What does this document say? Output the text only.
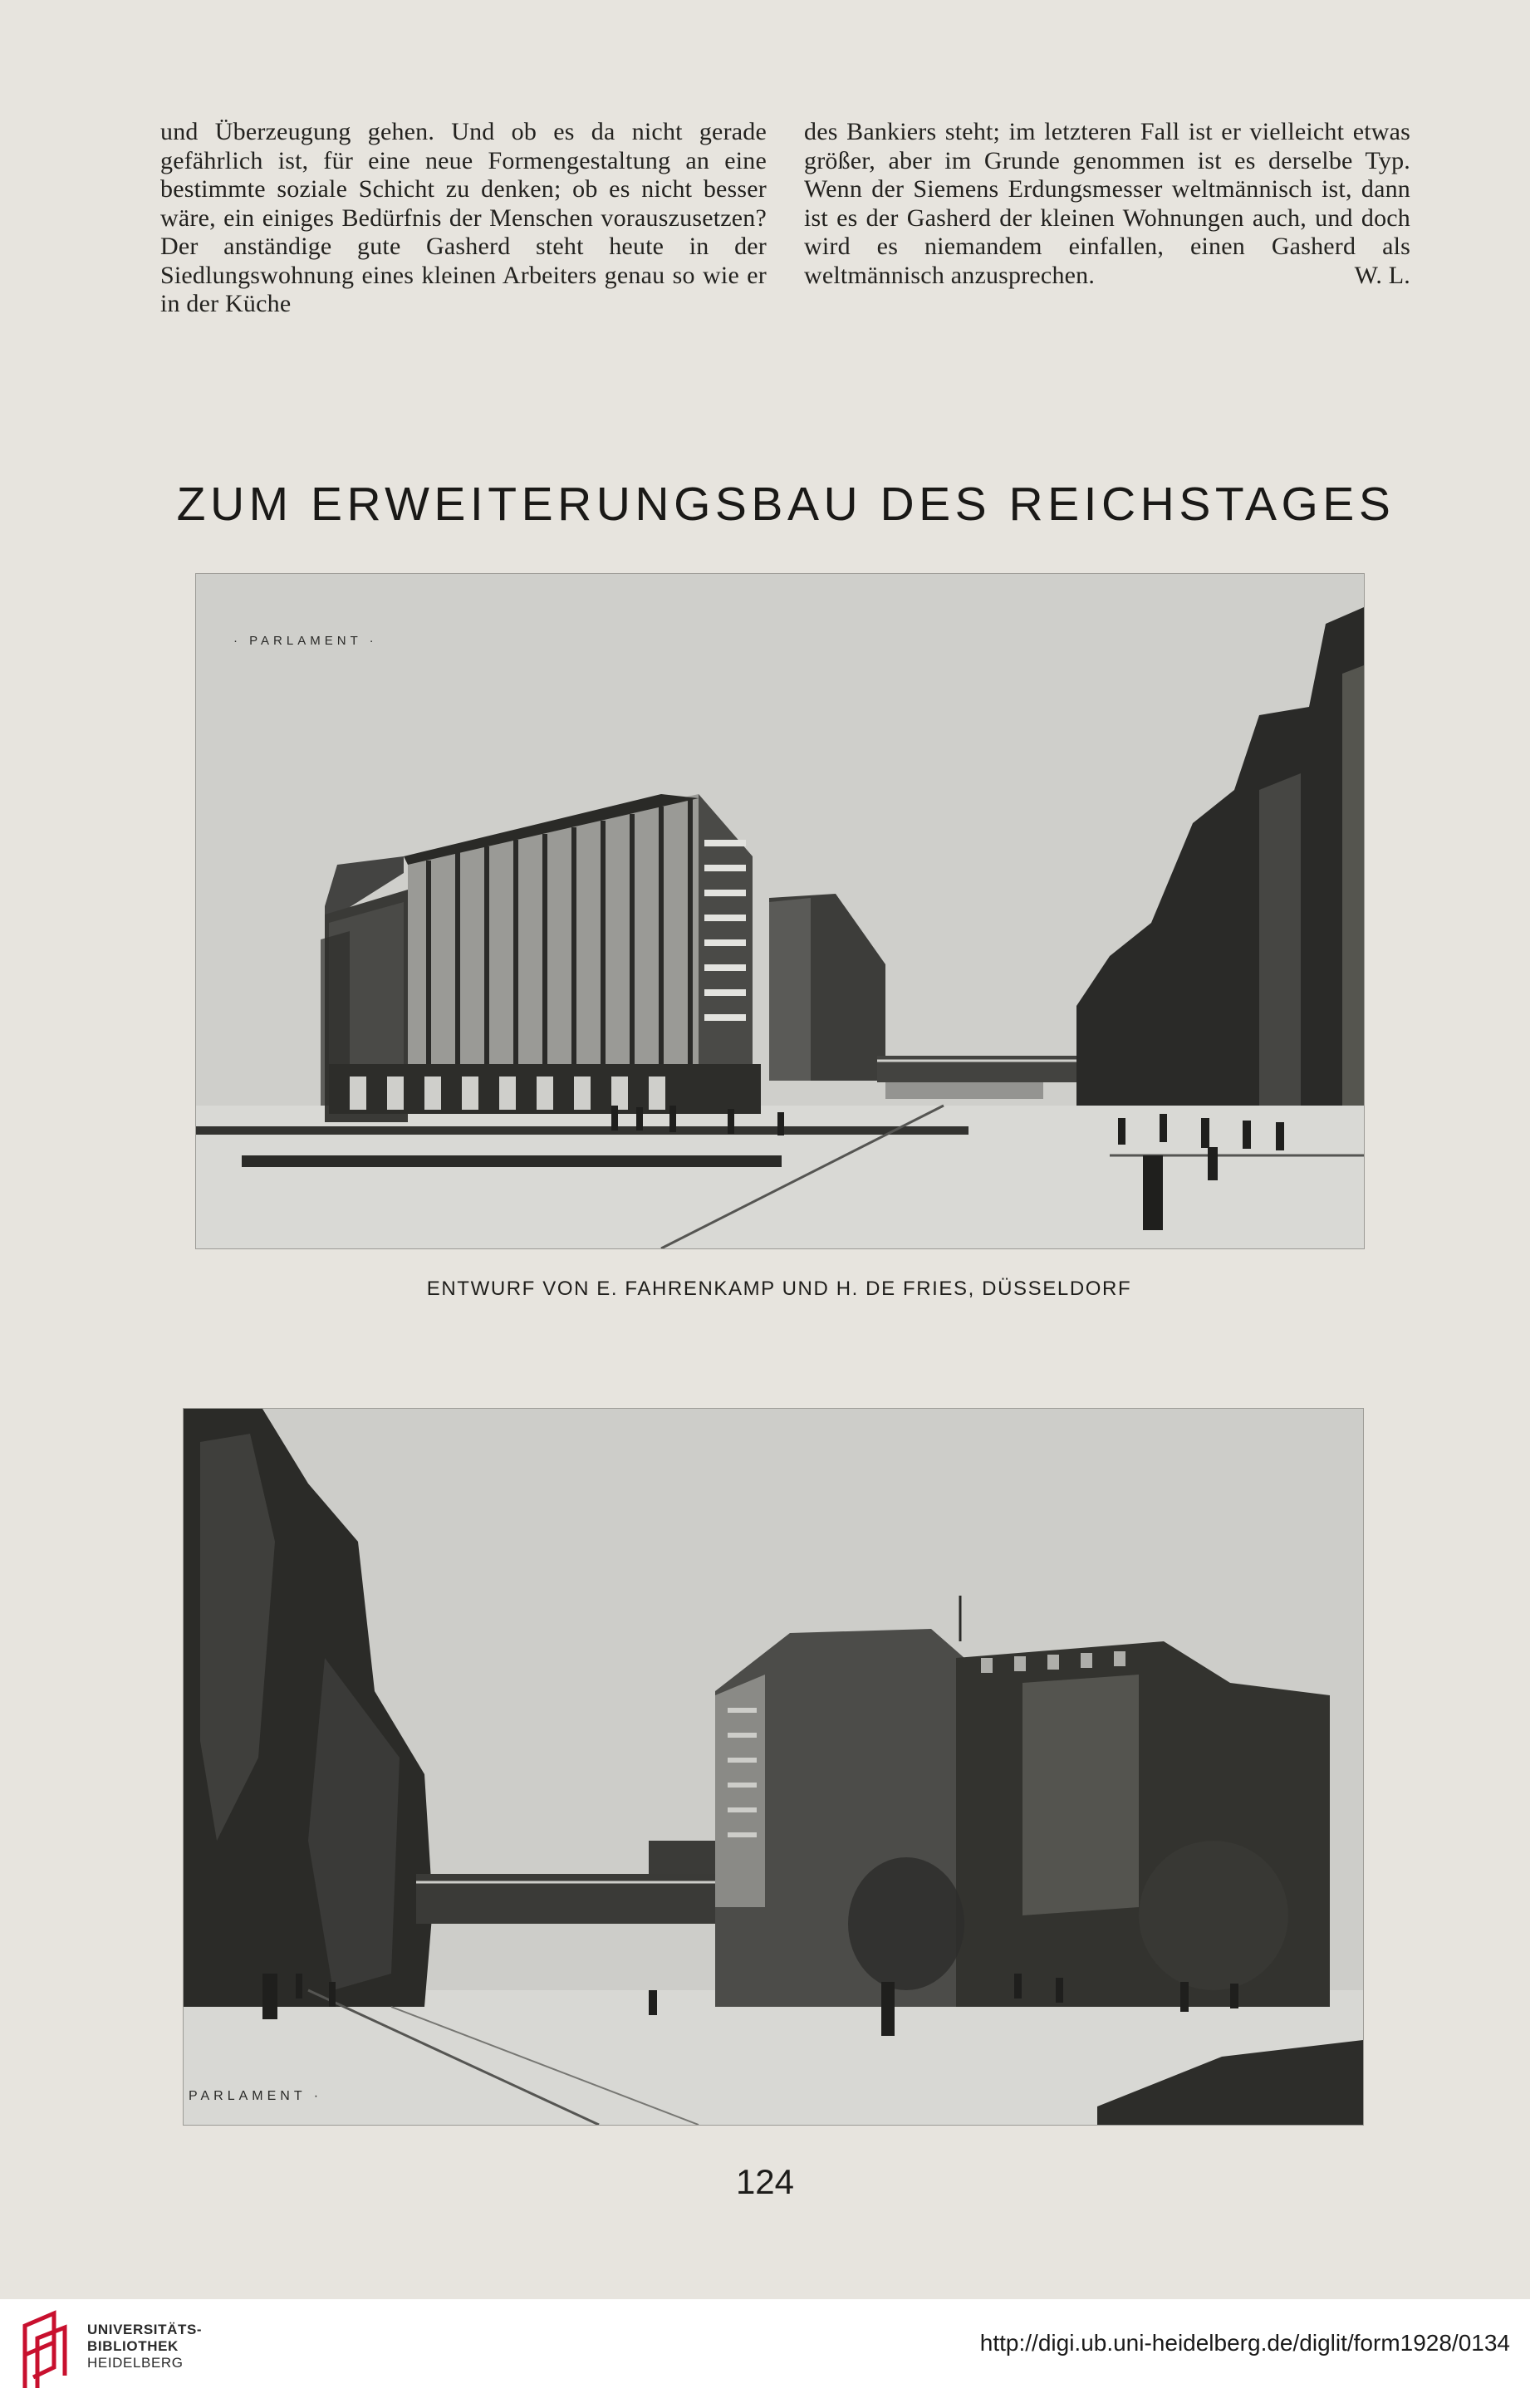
und Überzeugung gehen. Und ob es da nicht gerade gefährlich ist, für eine neue Formengestaltung an eine bestimmte soziale Schicht zu denken; ob es nicht besser wäre, ein einiges Bedürfnis der Menschen vorauszusetzen? Der anständige gute Gasherd steht heute in der Siedlungswohnung eines kleinen Arbeiters genau so wie er in der Küche

des Bankiers steht; im letzteren Fall ist er vielleicht etwas größer, aber im Grunde genommen ist es derselbe Typ. Wenn der Siemens Erdungsmesser weltmännisch ist, dann ist es der Gasherd der kleinen Wohnungen auch, und doch wird es niemandem einfallen, einen Gasherd als weltmännisch anzusprechen.	W. L.

ZUM ERWEITERUNGSBAU DES REICHSTAGES
· PARLAMENT ·
ENTWURF VON E. FAHRENKAMP UND H. DE FRIES, DÜSSELDORF
PARLAMENT ·
124
UNIVERSITÄTS-
BIBLIOTHEK
HEIDELBERG
http://digi.ub.uni-heidelberg.de/diglit/form1928/0134
